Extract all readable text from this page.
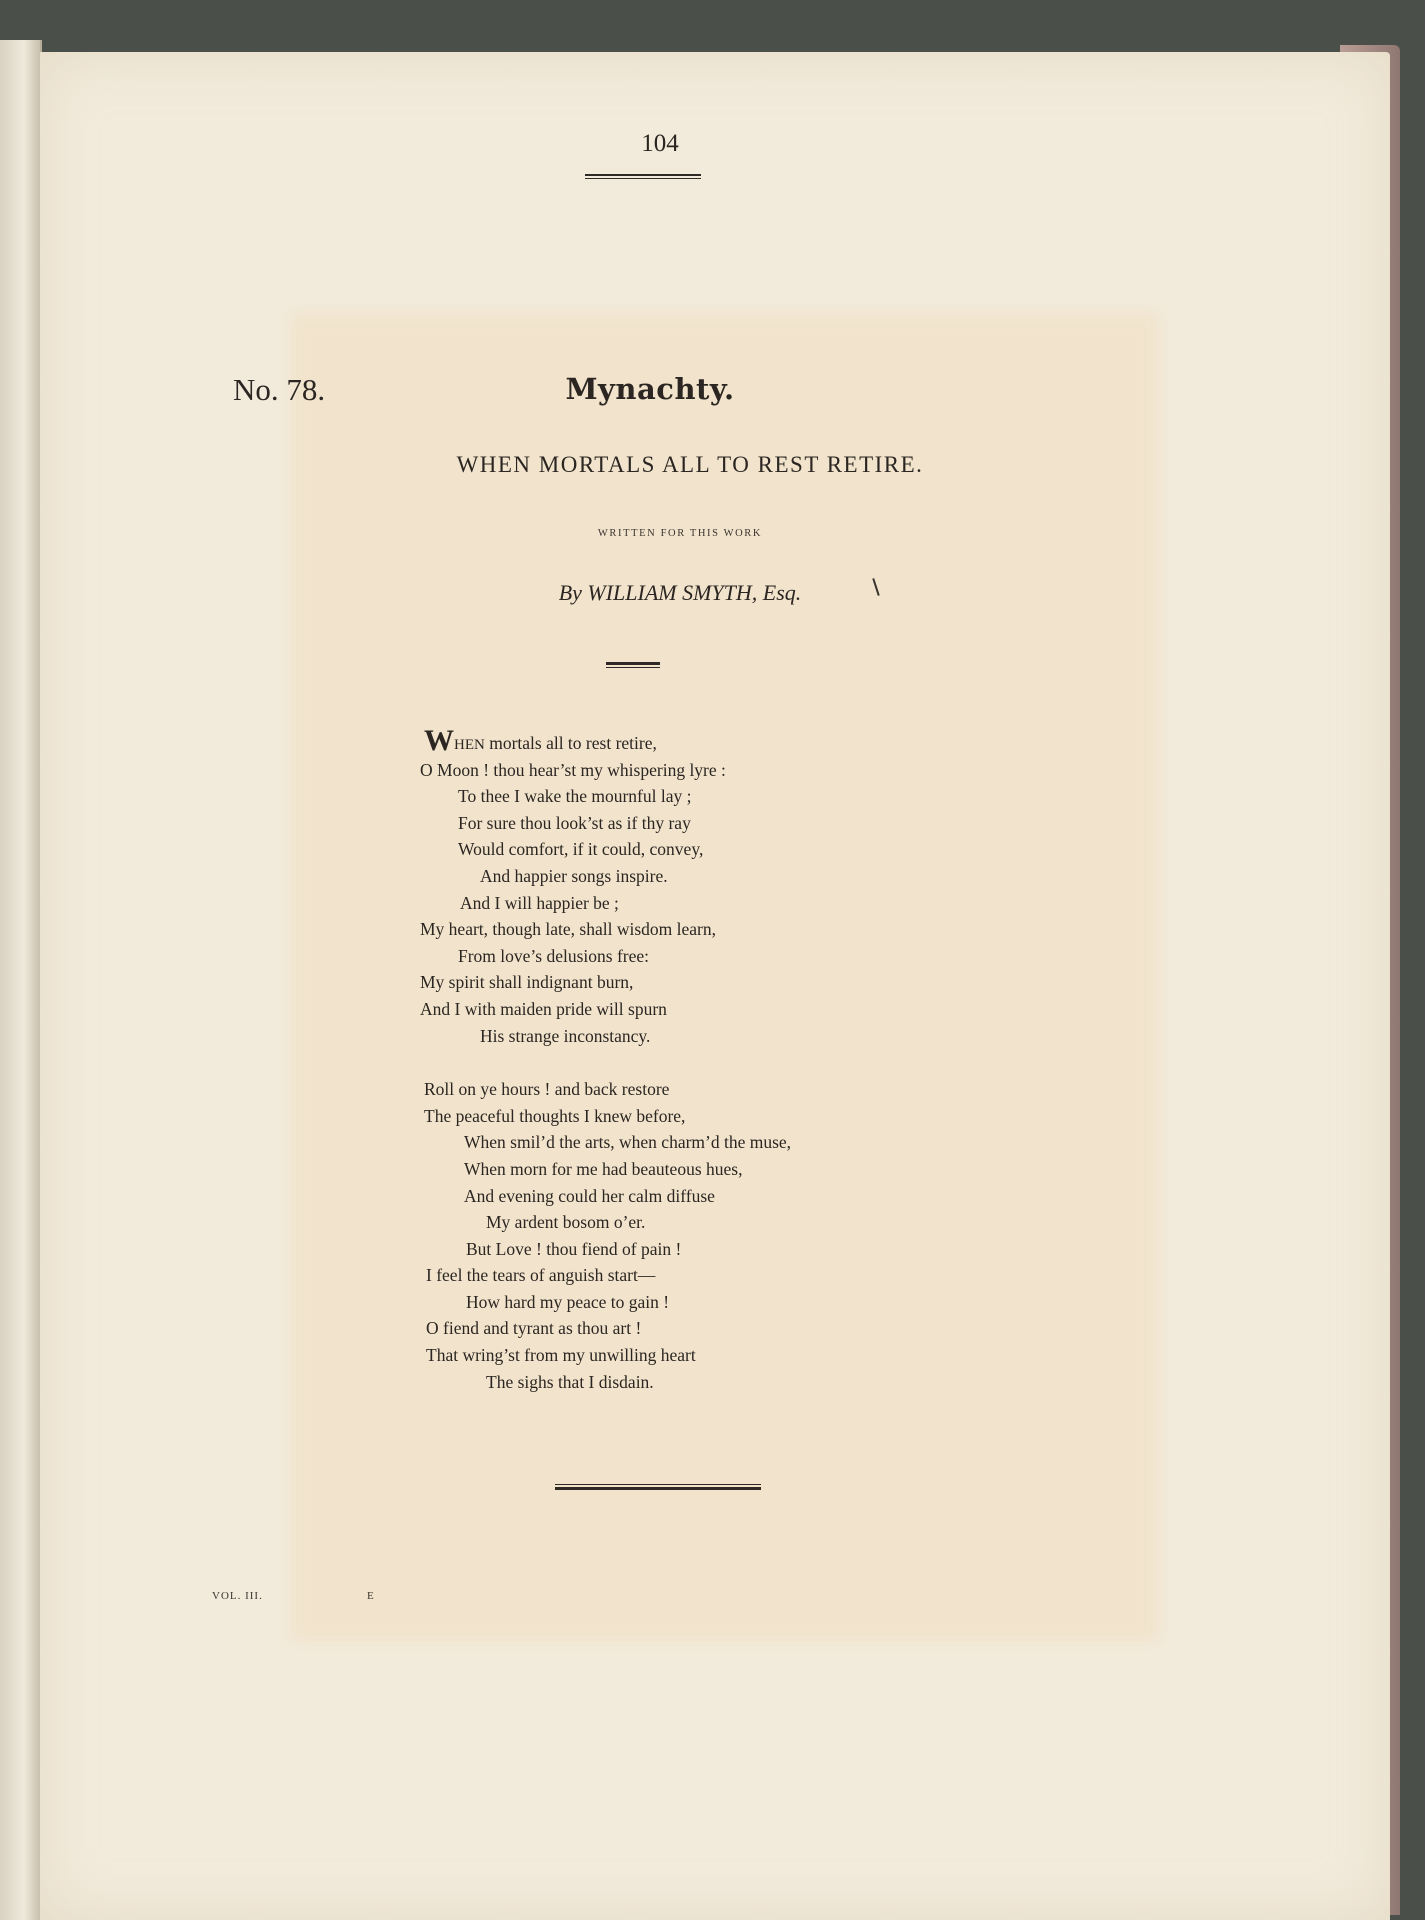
104
No. 78.	Mynachty.
WHEN MORTALS ALL TO REST RETIRE.
WRITTEN FOR THIS WORK
By WILLIAM SMYTH, Esq.
WHEN mortals all to rest retire,
O Moon ! thou hear’st my whispering lyre :
To thee I wake the mournful lay ;
For sure thou look’st as if thy ray
Would comfort, if it could, convey,
And happier songs inspire.
And I will happier be ;
My heart, though late, shall wisdom learn,
From love’s delusions free:
My spirit shall indignant burn,
And I with maiden pride will spurn
His strange inconstancy.
Roll on ye hours ! and back restore
The peaceful thoughts I knew before,
When smil’d the arts, when charm’d the muse,
When morn for me had beauteous hues,
And evening could her calm diffuse
My ardent bosom o’er.
But Love ! thou fiend of pain !
I feel the tears of anguish start—
How hard my peace to gain !
O fiend and tyrant as thou art !
That wring’st from my unwilling heart
The sighs that I disdain.
VOL. III.	E
